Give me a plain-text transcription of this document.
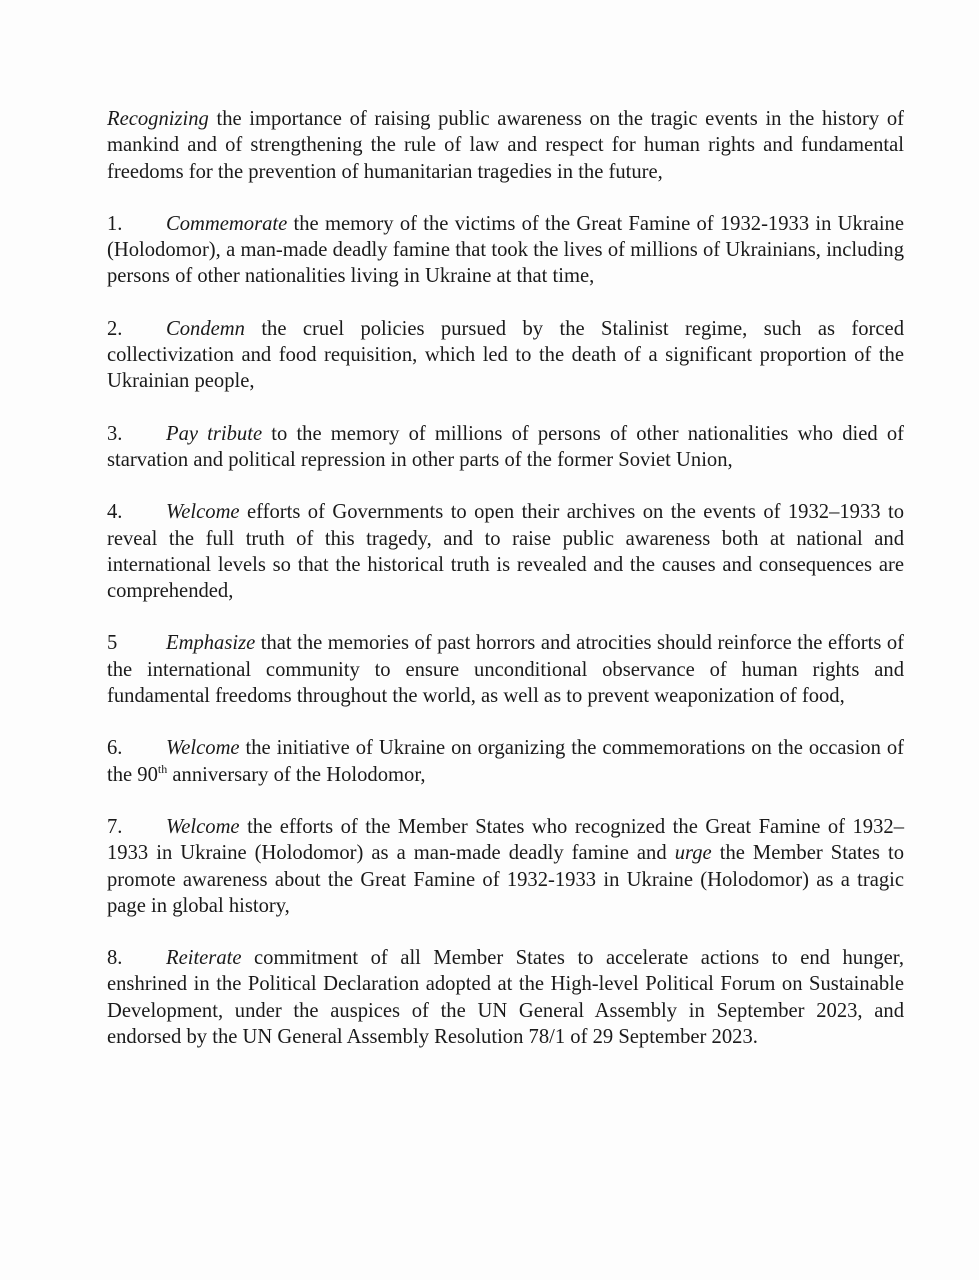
Recognizing the importance of raising public awareness on the tragic events in the history of mankind and of strengthening the rule of law and respect for human rights and fundamental freedoms for the prevention of humanitarian tragedies in the future,

1. Commemorate the memory of the victims of the Great Famine of 1932-1933 in Ukraine (Holodomor), a man-made deadly famine that took the lives of millions of Ukrainians, including persons of other nationalities living in Ukraine at that time,

2. Condemn the cruel policies pursued by the Stalinist regime, such as forced collectivization and food requisition, which led to the death of a significant proportion of the Ukrainian people,

3. Pay tribute to the memory of millions of persons of other nationalities who died of starvation and political repression in other parts of the former Soviet Union,

4. Welcome efforts of Governments to open their archives on the events of 1932–1933 to reveal the full truth of this tragedy, and to raise public awareness both at national and international levels so that the historical truth is revealed and the causes and consequences are comprehended,

5 Emphasize that the memories of past horrors and atrocities should reinforce the efforts of the international community to ensure unconditional observance of human rights and fundamental freedoms throughout the world, as well as to prevent weaponization of food,

6. Welcome the initiative of Ukraine on organizing the commemorations on the occasion of the 90th anniversary of the Holodomor,

7. Welcome the efforts of the Member States who recognized the Great Famine of 1932–1933 in Ukraine (Holodomor) as a man-made deadly famine and urge the Member States to promote awareness about the Great Famine of 1932-1933 in Ukraine (Holodomor) as a tragic page in global history,

8. Reiterate commitment of all Member States to accelerate actions to end hunger, enshrined in the Political Declaration adopted at the High-level Political Forum on Sustainable Development, under the auspices of the UN General Assembly in September 2023, and endorsed by the UN General Assembly Resolution 78/1 of 29 September 2023.
